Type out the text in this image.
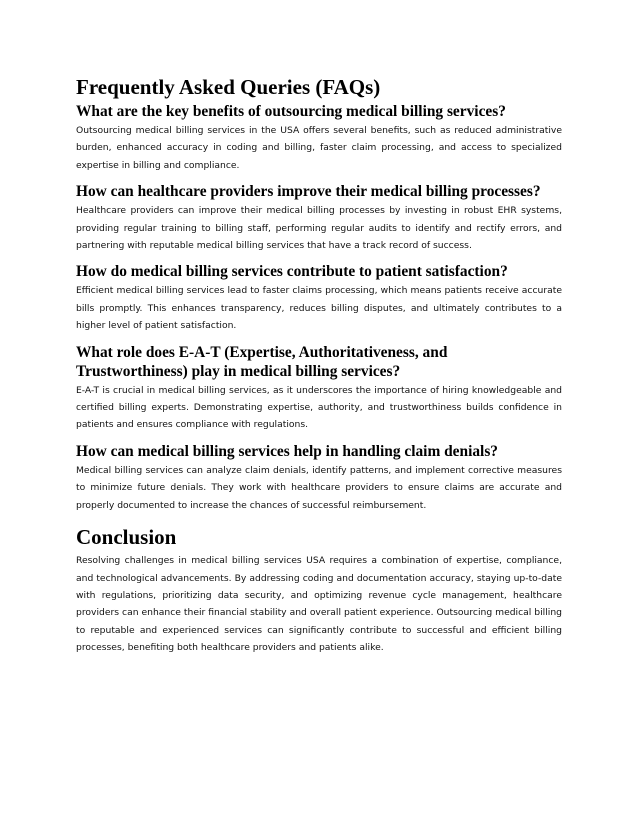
Frequently Asked Queries (FAQs)
What are the key benefits of outsourcing medical billing services?

Outsourcing medical billing services in the USA offers several benefits, such as reduced administrative burden, enhanced accuracy in coding and billing, faster claim processing, and access to specialized expertise in billing and compliance.

How can healthcare providers improve their medical billing processes?

Healthcare providers can improve their medical billing processes by investing in robust EHR systems, providing regular training to billing staff, performing regular audits to identify and rectify errors, and partnering with reputable medical billing services that have a track record of success.

How do medical billing services contribute to patient satisfaction?

Efficient medical billing services lead to faster claims processing, which means patients receive accurate bills promptly. This enhances transparency, reduces billing disputes, and ultimately contributes to a higher level of patient satisfaction.

What role does E-A-T (Expertise, Authoritativeness, and Trustworthiness) play in medical billing services?

E-A-T is crucial in medical billing services, as it underscores the importance of hiring knowledgeable and certified billing experts. Demonstrating expertise, authority, and trustworthiness builds confidence in patients and ensures compliance with regulations.

How can medical billing services help in handling claim denials?

Medical billing services can analyze claim denials, identify patterns, and implement corrective measures to minimize future denials. They work with healthcare providers to ensure claims are accurate and properly documented to increase the chances of successful reimbursement.

Conclusion

Resolving challenges in medical billing services USA requires a combination of expertise, compliance, and technological advancements. By addressing coding and documentation accuracy, staying up-to-date with regulations, prioritizing data security, and optimizing revenue cycle management, healthcare providers can enhance their financial stability and overall patient experience. Outsourcing medical billing to reputable and experienced services can significantly contribute to successful and efficient billing processes, benefiting both healthcare providers and patients alike.
